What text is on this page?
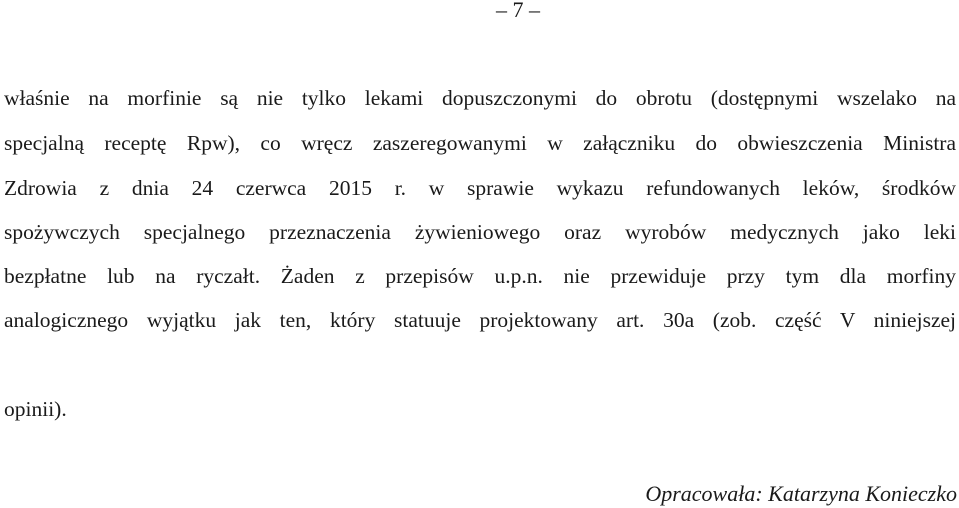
– 7 –

właśnie na morfinie są nie tylko lekami dopuszczonymi do obrotu (dostępnymi wszelako na

specjalną receptę Rpw), co wręcz zaszeregowanymi w załączniku do obwieszczenia Ministra

Zdrowia z dnia 24 czerwca 2015 r. w sprawie wykazu refundowanych leków, środków

spożywczych specjalnego przeznaczenia żywieniowego oraz wyrobów medycznych jako leki

bezpłatne lub na ryczałt. Żaden z przepisów u.p.n. nie przewiduje przy tym dla morfiny

analogicznego wyjątku jak ten, który statuuje projektowany art. 30a (zob. część V niniejszej

opinii).

Opracowała: Katarzyna Konieczko
